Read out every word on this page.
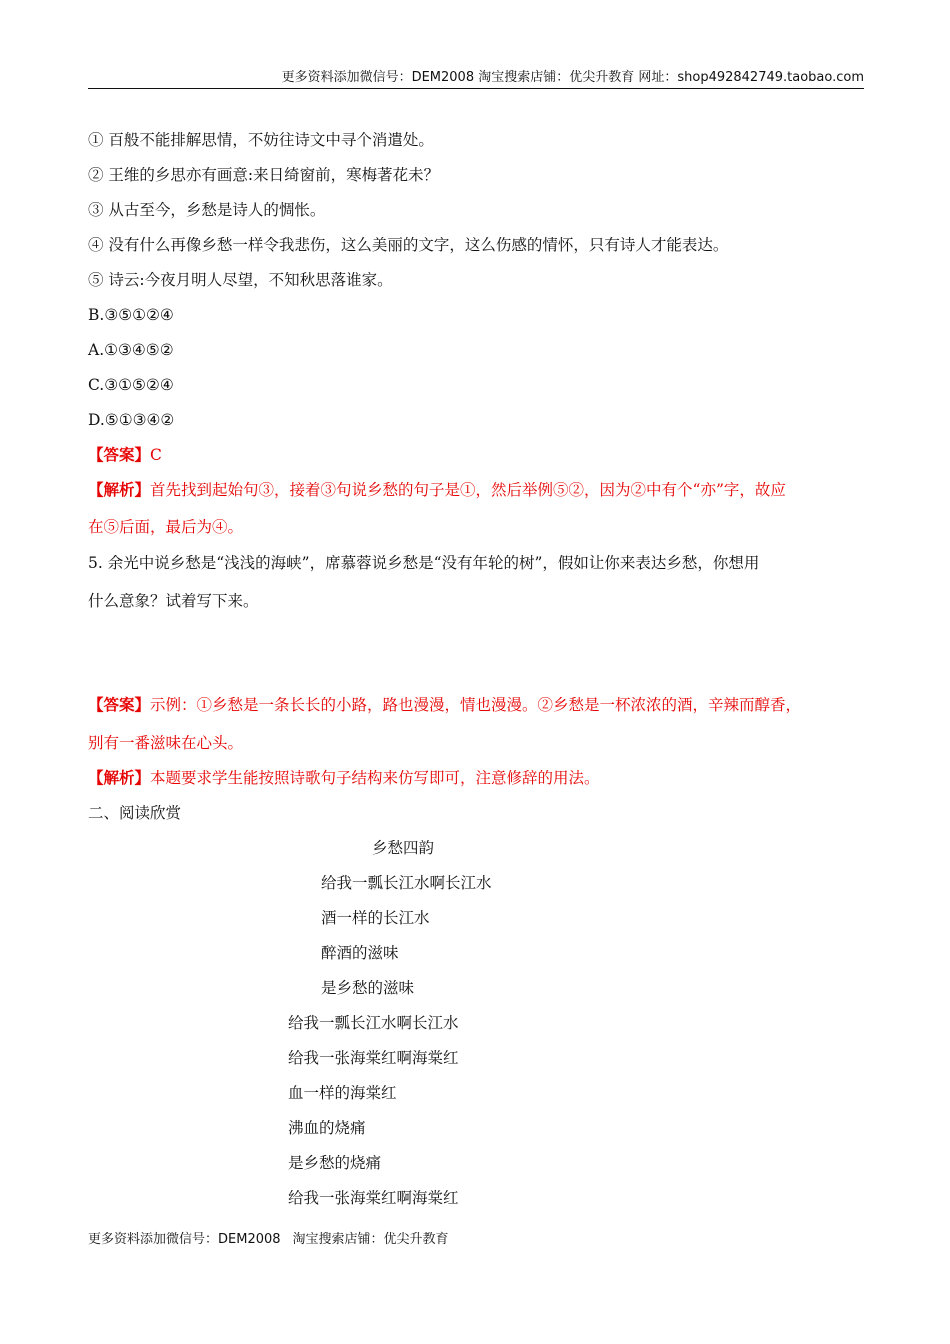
更多资料添加微信号：DEM2008 淘宝搜索店铺：优尖升教育 网址：shop492842749.taobao.com
① 百般不能排解思情，不妨往诗文中寻个消遣处。
② 王维的乡思亦有画意:来日绮窗前，寒梅著花未？
③ 从古至今，乡愁是诗人的惆怅。
④ 没有什么再像乡愁一样令我悲伤，这么美丽的文字，这么伤感的情怀，只有诗人才能表达。
⑤ 诗云:今夜月明人尽望，不知秋思落谁家。
B.③⑤①②④
A.①③④⑤②
C.③①⑤②④
D.⑤①③④②
【答案】C
【解析】首先找到起始句③，接着③句说乡愁的句子是①，然后举例⑤②，因为②中有个“亦”字，故应
在⑤后面，最后为④。
5. 余光中说乡愁是“浅浅的海峡”，席慕蓉说乡愁是“没有年轮的树”，假如让你来表达乡愁，你想用
什么意象？试着写下来。
【答案】示例：①乡愁是一条长长的小路，路也漫漫，情也漫漫。②乡愁是一杯浓浓的酒，辛辣而醇香，
别有一番滋味在心头。
【解析】本题要求学生能按照诗歌句子结构来仿写即可，注意修辞的用法。
二、阅读欣赏
乡愁四韵
给我一瓢长江水啊长江水
酒一样的长江水
醉酒的滋味
是乡愁的滋味
给我一瓢长江水啊长江水
给我一张海棠红啊海棠红
血一样的海棠红
沸血的烧痛
是乡愁的烧痛
给我一张海棠红啊海棠红
更多资料添加微信号：DEM2008 淘宝搜索店铺：优尖升教育
